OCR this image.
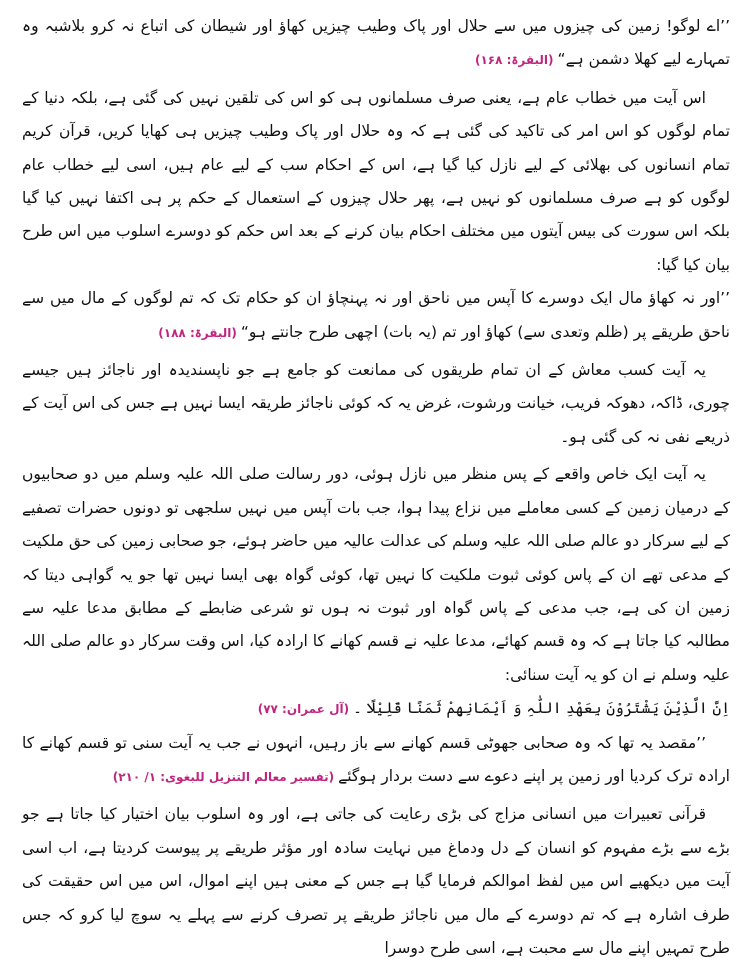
’’اے لوگو! زمین کی چیزوں میں سے حلال اور پاک وطیب چیزیں کھاؤ اور شیطان کی اتباع نہ کرو بلاشبہ وہ تمہارے لیے کھلا دشمن ہے“(البقرۃ: ۱۶۸)

اس آیت میں خطاب عام ہے، یعنی صرف مسلمانوں ہی کو اس کی تلقین نہیں کی گئی ہے، بلکہ دنیا کے تمام لوگوں کو اس امر کی تاکید کی گئی ہے کہ وہ حلال اور پاک وطیب چیزیں ہی کھایا کریں، قرآن کریم تمام انسانوں کی بھلائی کے لیے نازل کیا گیا ہے، اس کے احکام سب کے لیے عام ہیں، اسی لیے خطاب عام لوگوں کو ہے صرف مسلمانوں کو نہیں ہے، پھر حلال چیزوں کے استعمال کے حکم پر ہی اکتفا نہیں کیا گیا بلکہ اس سورت کی بیس آیتوں میں مختلف احکام بیان کرنے کے بعد اس حکم کو دوسرے اسلوب میں اس طرح بیان کیا گیا:

’’اور نہ کھاؤ مال ایک دوسرے کا آپس میں ناحق اور نہ پہنچاؤ ان کو حکام تک کہ تم لوگوں کے مال میں سے ناحق طریقے پر (ظلم وتعدی سے) کھاؤ اور تم (یہ بات) اچھی طرح جانتے ہو“(البقرۃ: ۱۸۸)

یہ آیت کسب معاش کے ان تمام طریقوں کی ممانعت کو جامع ہے جو ناپسندیدہ اور ناجائز ہیں جیسے چوری، ڈاکہ، دھوکہ فریب، خیانت ورشوت، غرض یہ کہ کوئی ناجائز طریقہ ایسا نہیں ہے جس کی اس آیت کے ذریعے نفی نہ کی گئی ہو۔

یہ آیت ایک خاص واقعے کے پس منظر میں نازل ہوئی، دور رسالت صلی اللہ علیہ وسلم میں دو صحابیوں کے درمیان زمین کے کسی معاملے میں نزاع پیدا ہوا، جب بات آپس میں نہیں سلجھی تو دونوں حضرات تصفیے کے لیے سرکار دو عالم صلی اللہ علیہ وسلم کی عدالت عالیہ میں حاضر ہوئے، جو صحابی زمین کی حق ملکیت کے مدعی تھے ان کے پاس کوئی ثبوت ملکیت کا نہیں تھا، کوئی گواہ بھی ایسا نہیں تھا جو یہ گواہی دیتا کہ زمین ان کی ہے، جب مدعی کے پاس گواہ اور ثبوت نہ ہوں تو شرعی ضابطے کے مطابق مدعا علیہ سے مطالبہ کیا جاتا ہے کہ وہ قسم کھائے، مدعا علیہ نے قسم کھانے کا ارادہ کیا، اس وقت سرکار دو عالم صلی اللہ علیہ وسلم نے ان کو یہ آیت سنائی:

اِنَّ الَّذِیْنَ یَشْتَرُوْنَ بِعَھْدِ اللّٰہِ وَ اَیْمَانِھِمْ ثَمَنًا قَلِیْلًا ۔(آل عمران: ۷۷)

’’مقصد یہ تھا کہ وہ صحابی جھوٹی قسم کھانے سے باز رہیں، انہوں نے جب یہ آیت سنی تو قسم کھانے کا ارادہ ترک کردیا اور زمین پر اپنے دعوے سے دست بردار ہوگئے(تفسیر معالم التنزیل للبغوی: ۱/ ۲۱۰)

قرآنی تعبیرات میں انسانی مزاج کی بڑی رعایت کی جاتی ہے، اور وہ اسلوب بیان اختیار کیا جاتا ہے جو بڑے سے بڑے مفہوم کو انسان کے دل ودماغ میں نہایت سادہ اور مؤثر طریقے پر پیوست کردیتا ہے، اب اسی آیت میں دیکھیے اس میں لفظ اموالکم فرمایا گیا ہے جس کے معنی ہیں اپنے اموال، اس میں اس حقیقت کی طرف اشارہ ہے کہ تم دوسرے کے مال میں ناجائز طریقے پر تصرف کرنے سے پہلے یہ سوچ لیا کرو کہ جس طرح تمہیں اپنے مال سے محبت ہے، اسی طرح دوسرا
